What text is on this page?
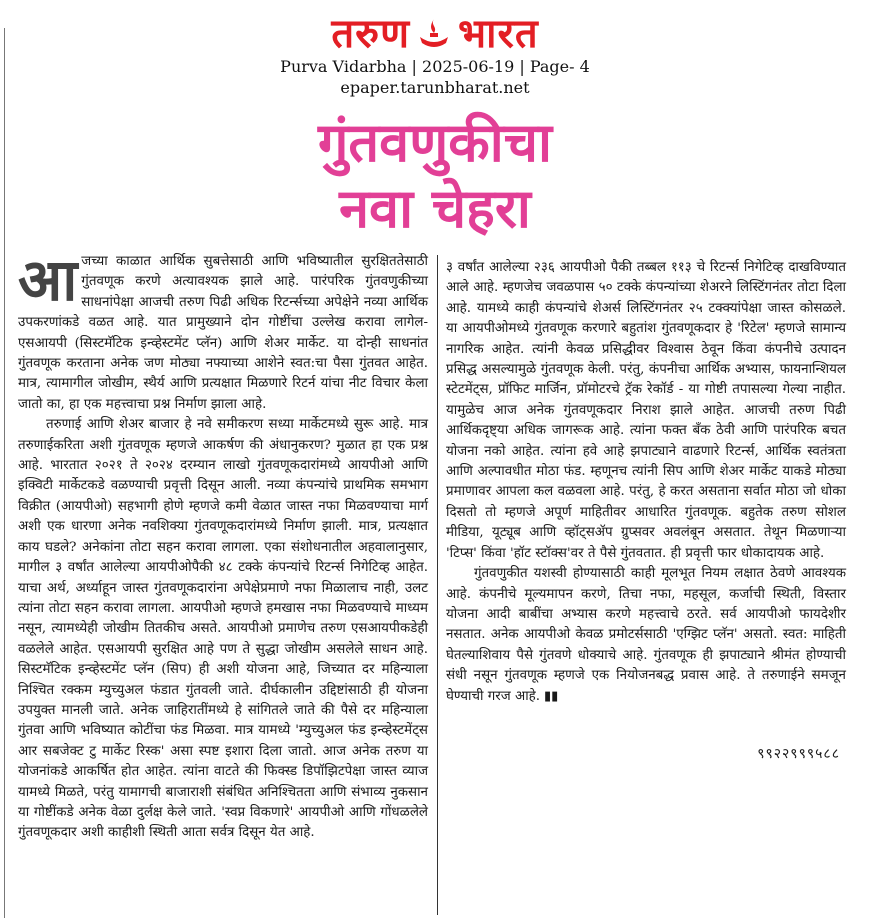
तरुण भारत
Purva Vidarbha | 2025-06-19 | Page- 4
epaper.tarunbharat.net
गुंतवणुकीचा
नवा चेहरा

आजच्या काळात आर्थिक सुबत्तेसाठी आणि भविष्यातील सुरक्षिततेसाठी गुंतवणूक करणे अत्यावश्यक झाले आहे. पारंपरिक गुंतवणुकीच्या साधनांपेक्षा आजची तरुण पिढी अधिक रिटर्न्सच्या अपेक्षेने नव्या आर्थिक उपकरणांकडे वळत आहे. यात प्रामुख्याने दोन गोष्टींचा उल्लेख करावा लागेल-एसआयपी (सिस्टमॅटिक इन्व्हेस्टमेंट प्लॅन) आणि शेअर मार्केट. या दोन्ही साधनांत गुंतवणूक करताना अनेक जण मोठ्या नफ्याच्या आशेने स्वत:चा पैसा गुंतवत आहेत. मात्र, त्यामागील जोखीम, स्थैर्य आणि प्रत्यक्षात मिळणारे रिटर्न यांचा नीट विचार केला जातो का, हा एक महत्त्वाचा प्रश्न निर्माण झाला आहे.

तरुणाई आणि शेअर बाजार हे नवे समीकरण सध्या मार्केटमध्ये सुरू आहे. मात्र तरुणाईकरिता अशी गुंतवणूक म्हणजे आकर्षण की अंधानुकरण? मुळात हा एक प्रश्न आहे. भारतात २०२१ ते २०२४ दरम्यान लाखो गुंतवणूकदारांमध्ये आयपीओ आणि इक्विटी मार्केटकडे वळण्याची प्रवृत्ती दिसून आली. नव्या कंपन्यांचे प्राथमिक समभाग विक्रीत (आयपीओ) सहभागी होणे म्हणजे कमी वेळात जास्त नफा मिळवण्याचा मार्ग अशी एक धारणा अनेक नवशिक्या गुंतवणूकदारांमध्ये निर्माण झाली. मात्र, प्रत्यक्षात काय घडले? अनेकांना तोटा सहन करावा लागला. एका संशोधनातील अहवालानुसार, मागील ३ वर्षांत आलेल्या आयपीओपैकी ४८ टक्के कंपन्यांचे रिटर्न्स निगेटिव्ह आहेत. याचा अर्थ, अर्ध्याहून जास्त गुंतवणूकदारांना अपेक्षेप्रमाणे नफा मिळालाच नाही, उलट त्यांना तोटा सहन करावा लागला. आयपीओ म्हणजे हमखास नफा मिळवण्याचे माध्यम नसून, त्यामध्येही जोखीम तितकीच असते. आयपीओ प्रमाणेच तरुण एसआयपीकडेही वळलेले आहेत. एसआयपी सुरक्षित आहे पण ते सुद्धा जोखीम असलेले साधन आहे. सिस्टमॅटिक इन्व्हेस्टमेंट प्लॅन (सिप) ही अशी योजना आहे, जिच्यात दर महिन्याला निश्चित रक्कम म्युच्युअल फंडात गुंतवली जाते. दीर्घकालीन उद्दिष्टांसाठी ही योजना उपयुक्त मानली जाते. अनेक जाहिरातींमध्ये हे सांगितले जाते की पैसे दर महिन्याला गुंतवा आणि भविष्यात कोटींचा फंड मिळवा. मात्र यामध्ये 'म्युच्युअल फंड इन्व्हेस्टमेंट्स आर सबजेक्ट टु मार्केट रिस्क' असा स्पष्ट इशारा दिला जातो. आज अनेक तरुण या योजनांकडे आकर्षित होत आहेत. त्यांना वाटते की फिक्स्ड डिपॉझिटपेक्षा जास्त व्याज यामध्ये मिळते, परंतु यामागची बाजाराशी संबंधित अनिश्चितता आणि संभाव्य नुकसान या गोष्टींकडे अनेक वेळा दुर्लक्ष केले जाते. 'स्वप्न विकणारे' आयपीओ आणि गोंधळलेले गुंतवणूकदार अशी काहीशी स्थिती आता सर्वत्र दिसून येत आहे.

३ वर्षांत आलेल्या २३६ आयपीओ पैकी तब्बल ११३ चे रिटर्न्स निगेटिव्ह दाखविण्यात आले आहे. म्हणजेच जवळपास ५० टक्के कंपन्यांच्या शेअरने लिस्टिंगनंतर तोटा दिला आहे. यामध्ये काही कंपन्यांचे शेअर्स लिस्टिंगनंतर २५ टक्क्यांपेक्षा जास्त कोसळले. या आयपीओमध्ये गुंतवणूक करणारे बहुतांश गुंतवणूकदार हे 'रिटेल' म्हणजे सामान्य नागरिक आहेत. त्यांनी केवळ प्रसिद्धीवर विश्वास ठेवून किंवा कंपनीचे उत्पादन प्रसिद्ध असल्यामुळे गुंतवणूक केली. परंतु, कंपनीचा आर्थिक अभ्यास, फायनान्शियल स्टेटमेंट्स, प्रॉफिट मार्जिन, प्रॉमोटरचे ट्रॅक रेकॉर्ड - या गोष्टी तपासल्या गेल्या नाहीत. यामुळेच आज अनेक गुंतवणूकदार निराश झाले आहेत. आजची तरुण पिढी आर्थिकदृष्ट्या अधिक जागरूक आहे. त्यांना फक्त बँक ठेवी आणि पारंपरिक बचत योजना नको आहेत. त्यांना हवे आहे झपाट्याने वाढणारे रिटर्न्स, आर्थिक स्वतंत्रता आणि अल्पावधीत मोठा फंड. म्हणूनच त्यांनी सिप आणि शेअर मार्केट याकडे मोठ्या प्रमाणावर आपला कल वळवला आहे. परंतु, हे करत असताना सर्वात मोठा जो धोका दिसतो तो म्हणजे अपूर्ण माहितीवर आधारित गुंतवणूक. बहुतेक तरुण सोशल मीडिया, यूट्यूब आणि व्हॉट्सॲप ग्रुप्सवर अवलंबून असतात. तेथून मिळणाऱ्या 'टिप्स' किंवा 'हॉट स्टॉक्स'वर ते पैसे गुंतवतात. ही प्रवृत्ती फार धोकादायक आहे.

गुंतवणुकीत यशस्वी होण्यासाठी काही मूलभूत नियम लक्षात ठेवणे आवश्यक आहे. कंपनीचे मूल्यमापन करणे, तिचा नफा, महसूल, कर्जाची स्थिती, विस्तार योजना आदी बाबींचा अभ्यास करणे महत्त्वाचे ठरते. सर्व आयपीओ फायदेशीर नसतात. अनेक आयपीओ केवळ प्रमोटर्ससाठी 'एग्झिट प्लॅन' असतो. स्वत: माहिती घेतल्याशिवाय पैसे गुंतवणे धोक्याचे आहे. गुंतवणूक ही झपाट्याने श्रीमंत होण्याची संधी नसून गुंतवणूक म्हणजे एक नियोजनबद्ध प्रवास आहे. ते तरुणाईने समजून घेण्याची गरज आहे. ▮▮

९९२२९९९५८८
